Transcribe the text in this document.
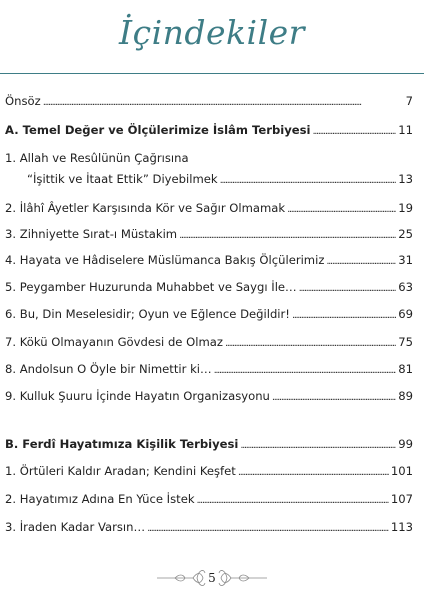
İçindekiler
Önsöz . . .	7
A. Temel Değer ve Ölçülerimize İslâm Terbiyesi . . .	11
1. Allah ve Resûlünün Çağrısına
“İşittik ve İtaat Ettik” Diyebilmek . . .	13
2. İlâhî Âyetler Karşısında Kör ve Sağır Olmamak . . .	19
3. Zihniyette Sırat-ı Müstakim . . .	25
4. Hayata ve Hâdiselere Müslümanca Bakış Ölçülerimiz . . .	31
5. Peygamber Huzurunda Muhabbet ve Saygı İle… . . .	63
6. Bu, Din Meselesidir; Oyun ve Eğlence Değildir! . . .	69
7. Kökü Olmayanın Gövdesi de Olmaz . . .	75
8. Andolsun O Öyle bir Nimettir ki… . . .	81
9. Kulluk Şuuru İçinde Hayatın Organizasyonu . . .	89
B. Ferdî Hayatımıza Kişilik Terbiyesi . . .	99
1. Örtüleri Kaldır Aradan; Kendini Keşfet . . .	101
2. Hayatımız Adına En Yüce İstek . . .	107
3. İraden Kadar Varsın… . . .	113
5
